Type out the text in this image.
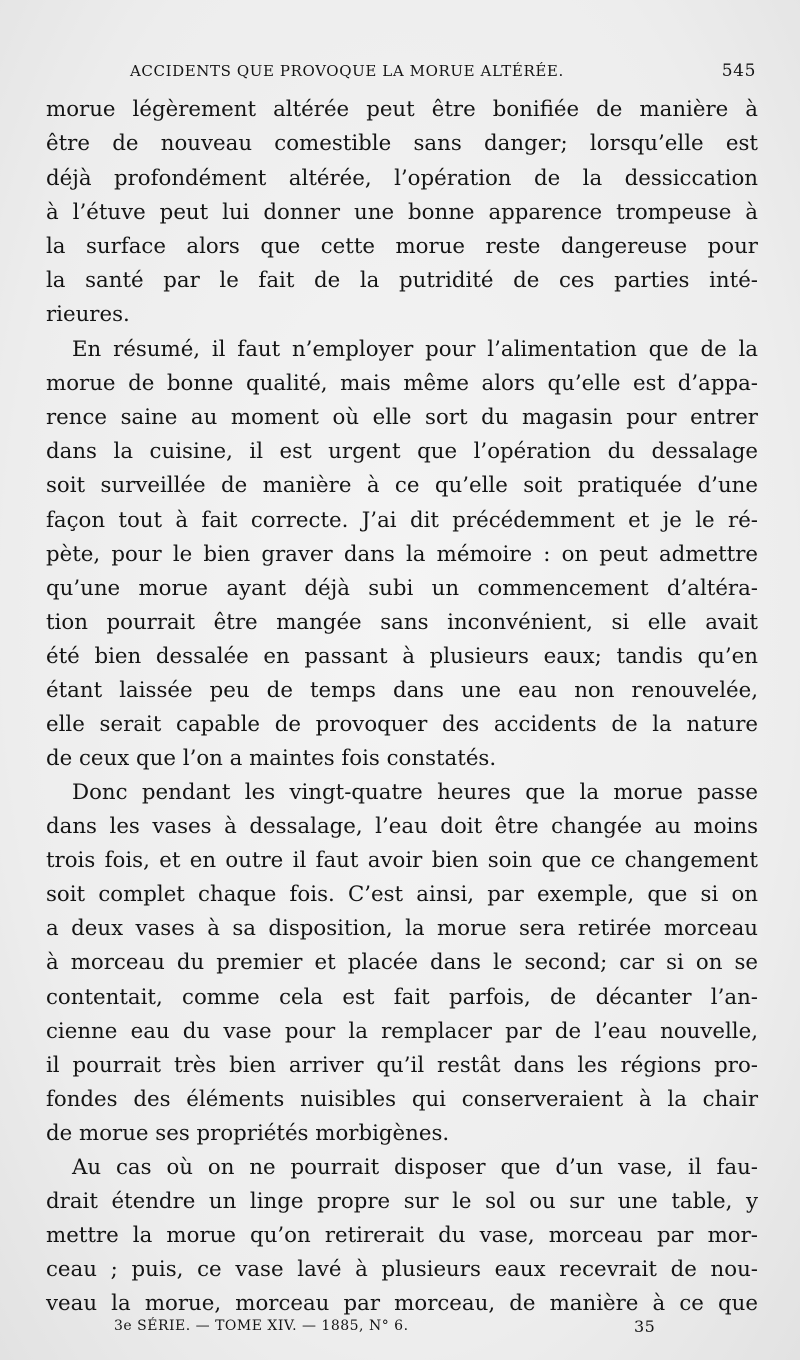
ACCIDENTS QUE PROVOQUE LA MORUE ALTÉRÉE.	545
morue légèrement altérée peut être bonifiée de manière à
être de nouveau comestible sans danger; lorsqu’elle est
déjà profondément altérée, l’opération de la dessiccation
à l’étuve peut lui donner une bonne apparence trompeuse à
la surface alors que cette morue reste dangereuse pour
la santé par le fait de la putridité de ces parties inté-
rieures.
En résumé, il faut n’employer pour l’alimentation que de la
morue de bonne qualité, mais même alors qu’elle est d’appa-
rence saine au moment où elle sort du magasin pour entrer
dans la cuisine, il est urgent que l’opération du dessalage
soit surveillée de manière à ce qu’elle soit pratiquée d’une
façon tout à fait correcte. J’ai dit précédemment et je le ré-
pète, pour le bien graver dans la mémoire : on peut admettre
qu’une morue ayant déjà subi un commencement d’altéra-
tion pourrait être mangée sans inconvénient, si elle avait
été bien dessalée en passant à plusieurs eaux; tandis qu’en
étant laissée peu de temps dans une eau non renouvelée,
elle serait capable de provoquer des accidents de la nature
de ceux que l’on a maintes fois constatés.
Donc pendant les vingt-quatre heures que la morue passe
dans les vases à dessalage, l’eau doit être changée au moins
trois fois, et en outre il faut avoir bien soin que ce changement
soit complet chaque fois. C’est ainsi, par exemple, que si on
a deux vases à sa disposition, la morue sera retirée morceau
à morceau du premier et placée dans le second; car si on se
contentait, comme cela est fait parfois, de décanter l’an-
cienne eau du vase pour la remplacer par de l’eau nouvelle,
il pourrait très bien arriver qu’il restât dans les régions pro-
fondes des éléments nuisibles qui conserveraient à la chair
de morue ses propriétés morbigènes.
Au cas où on ne pourrait disposer que d’un vase, il fau-
drait étendre un linge propre sur le sol ou sur une table, y
mettre la morue qu’on retirerait du vase, morceau par mor-
ceau ; puis, ce vase lavé à plusieurs eaux recevrait de nou-
veau la morue, morceau par morceau, de manière à ce que
3e SÉRIE. — TOME XIV. — 1885, N° 6.	35
